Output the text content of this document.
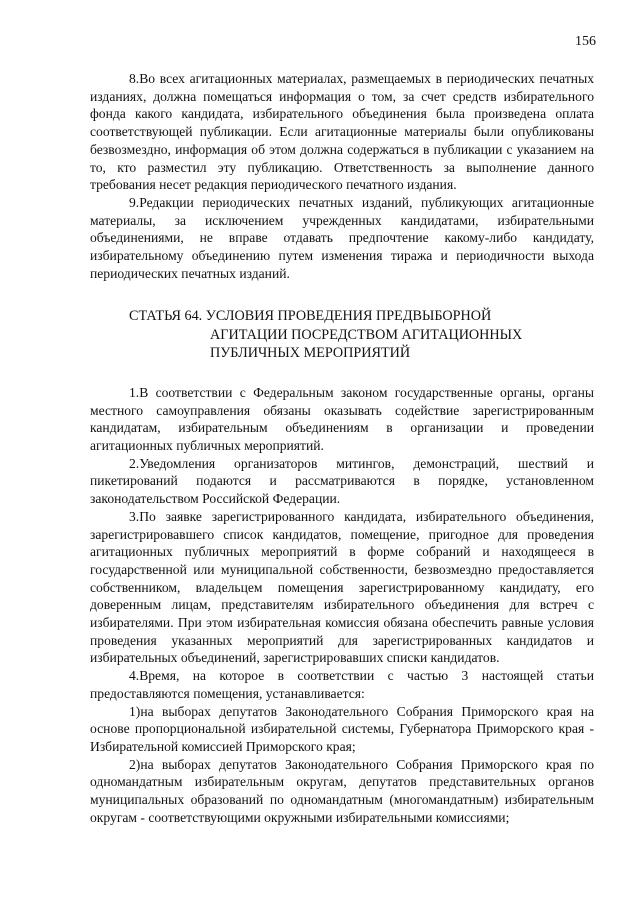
156

8.Во всех агитационных материалах, размещаемых в периодических печатных изданиях, должна помещаться информация о том, за счет средств избирательного фонда какого кандидата, избирательного объединения была произведена оплата соответствующей публикации. Если агитационные материалы были опубликованы безвозмездно, информация об этом должна содержаться в публикации с указанием на то, кто разместил эту публикацию. Ответственность за выполнение данного требования несет редакция периодического печатного издания.

9.Редакции периодических печатных изданий, публикующих агитационные материалы, за исключением учрежденных кандидатами, избирательными объединениями, не вправе отдавать предпочтение какому-либо кандидату, избирательному объединению путем изменения тиража и периодичности выхода периодических печатных изданий.

СТАТЬЯ 64. УСЛОВИЯ ПРОВЕДЕНИЯ ПРЕДВЫБОРНОЙ
АГИТАЦИИ ПОСРЕДСТВОМ АГИТАЦИОННЫХ
ПУБЛИЧНЫХ МЕРОПРИЯТИЙ

1.В соответствии с Федеральным законом государственные органы, органы местного самоуправления обязаны оказывать содействие зарегистрированным кандидатам, избирательным объединениям в организации и проведении агитационных публичных мероприятий.

2.Уведомления организаторов митингов, демонстраций, шествий и пикетирований подаются и рассматриваются в порядке, установленном законодательством Российской Федерации.

3.По заявке зарегистрированного кандидата, избирательного объединения, зарегистрировавшего список кандидатов, помещение, пригодное для проведения агитационных публичных мероприятий в форме собраний и находящееся в государственной или муниципальной собственности, безвозмездно предоставляется собственником, владельцем помещения зарегистрированному кандидату, его доверенным лицам, представителям избирательного объединения для встреч с избирателями. При этом избирательная комиссия обязана обеспечить равные условия проведения указанных мероприятий для зарегистрированных кандидатов и избирательных объединений, зарегистрировавших списки кандидатов.

4.Время, на которое в соответствии с частью 3 настоящей статьи предоставляются помещения, устанавливается:

1)на выборах депутатов Законодательного Собрания Приморского края на основе пропорциональной избирательной системы, Губернатора Приморского края - Избирательной комиссией Приморского края;

2)на выборах депутатов Законодательного Собрания Приморского края по одномандатным избирательным округам, депутатов представительных органов муниципальных образований по одномандатным (многомандатным) избирательным округам - соответствующими окружными избирательными комиссиями;
